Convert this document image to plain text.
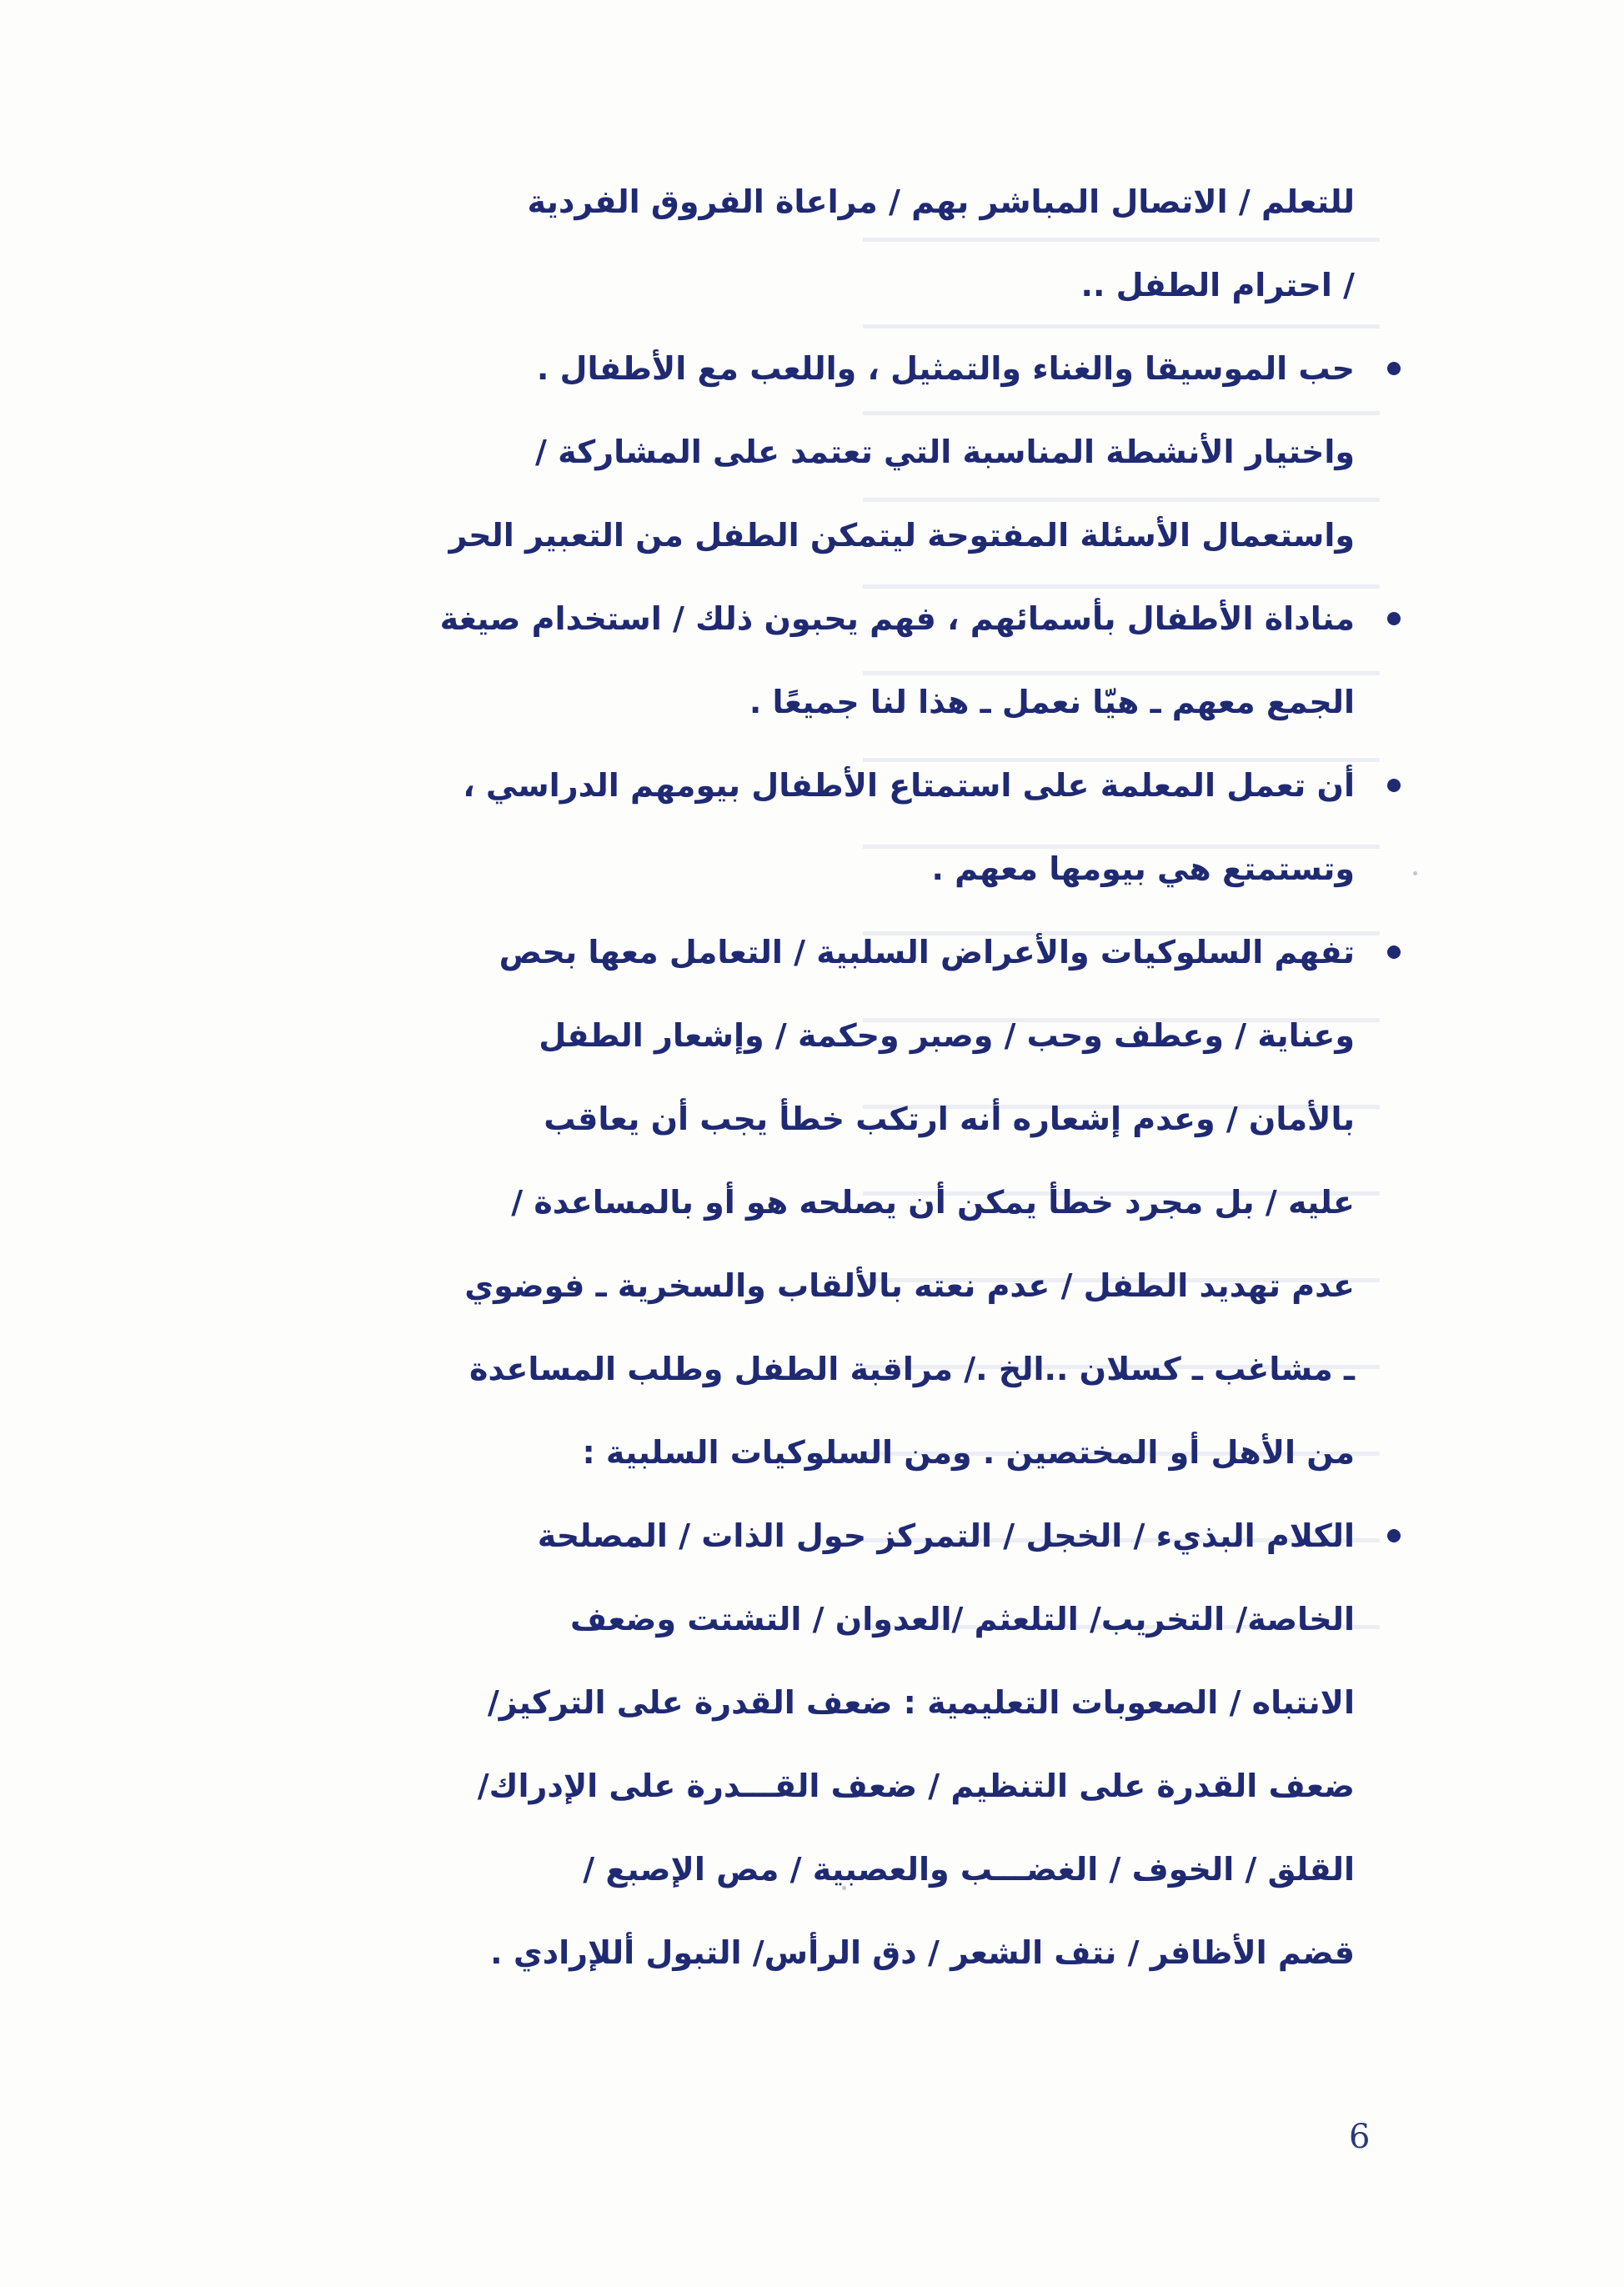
للتعلم / الاتصال المباشر بهم / مراعاة الفروق الفردية
/ احترام الطفل ..
حب الموسيقا والغناء والتمثيل ، واللعب مع الأطفال .
واختيار الأنشطة المناسبة التي تعتمد على المشاركة /
واستعمال الأسئلة المفتوحة ليتمكن الطفل من التعبير الحر
مناداة الأطفال بأسمائهم ، فهم يحبون ذلك / استخدام صيغة
الجمع معهم ـ هيّا نعمل ـ هذا لنا جميعًا .
أن تعمل المعلمة على استمتاع الأطفال بيومهم الدراسي ،
وتستمتع هي بيومها معهم .
تفهم السلوكيات والأعراض السلبية / التعامل معها بحص
وعناية / وعطف وحب / وصبر وحكمة / وإشعار الطفل
بالأمان / وعدم إشعاره أنه ارتكب خطأ يجب أن يعاقب
عليه / بل مجرد خطأ يمكن أن يصلحه هو أو بالمساعدة /
عدم تهديد الطفل / عدم نعته بالألقاب والسخرية ـ فوضوي
ـ مشاغب ـ كسلان ..الخ ./ مراقبة الطفل وطلب المساعدة
من الأهل أو المختصين . ومن السلوكيات السلبية :
الكلام البذيء / الخجل / التمركز حول الذات / المصلحة
الخاصة/ التخريب/ التلعثم /العدوان / التشتت وضعف
الانتباه / الصعوبات التعليمية : ضعف القدرة على التركيز/
ضعف القدرة على التنظيم / ضعف القـــدرة على الإدراك/
القلق / الخوف / الغضـــب والعصبية / مص الإصبع /
قضم الأظافر / نتف الشعر / دق الرأس/ التبول أللإرادي .
6
